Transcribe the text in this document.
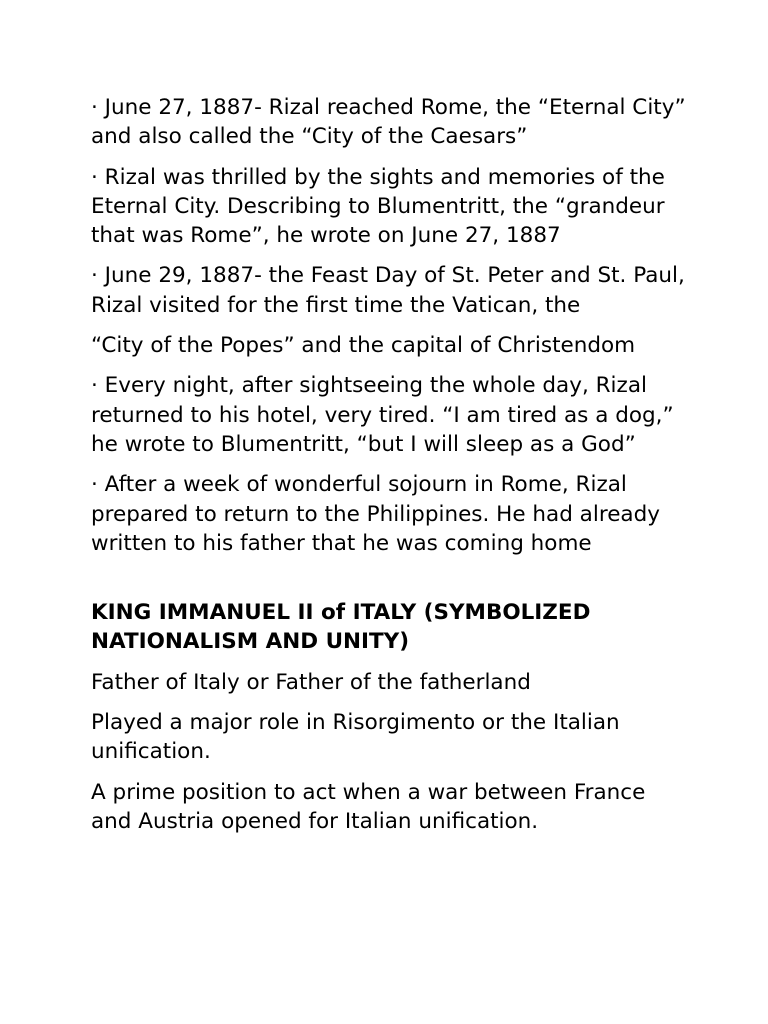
· June 27, 1887- Rizal reached Rome, the “Eternal City” and also called the “City of the Caesars”

· Rizal was thrilled by the sights and memories of the Eternal City. Describing to Blumentritt, the “grandeur that was Rome”, he wrote on June 27, 1887

· June 29, 1887- the Feast Day of St. Peter and St. Paul, Rizal visited for the first time the Vatican, the

“City of the Popes” and the capital of Christendom

· Every night, after sightseeing the whole day, Rizal returned to his hotel, very tired. “I am tired as a dog,” he wrote to Blumentritt, “but I will sleep as a God”

· After a week of wonderful sojourn in Rome, Rizal prepared to return to the Philippines. He had already written to his father that he was coming home

KING IMMANUEL II of ITALY (SYMBOLIZED NATIONALISM AND UNITY)

Father of Italy or Father of the fatherland

Played a major role in Risorgimento or the Italian unification.

A prime position to act when a war between France and Austria opened for Italian unification.
